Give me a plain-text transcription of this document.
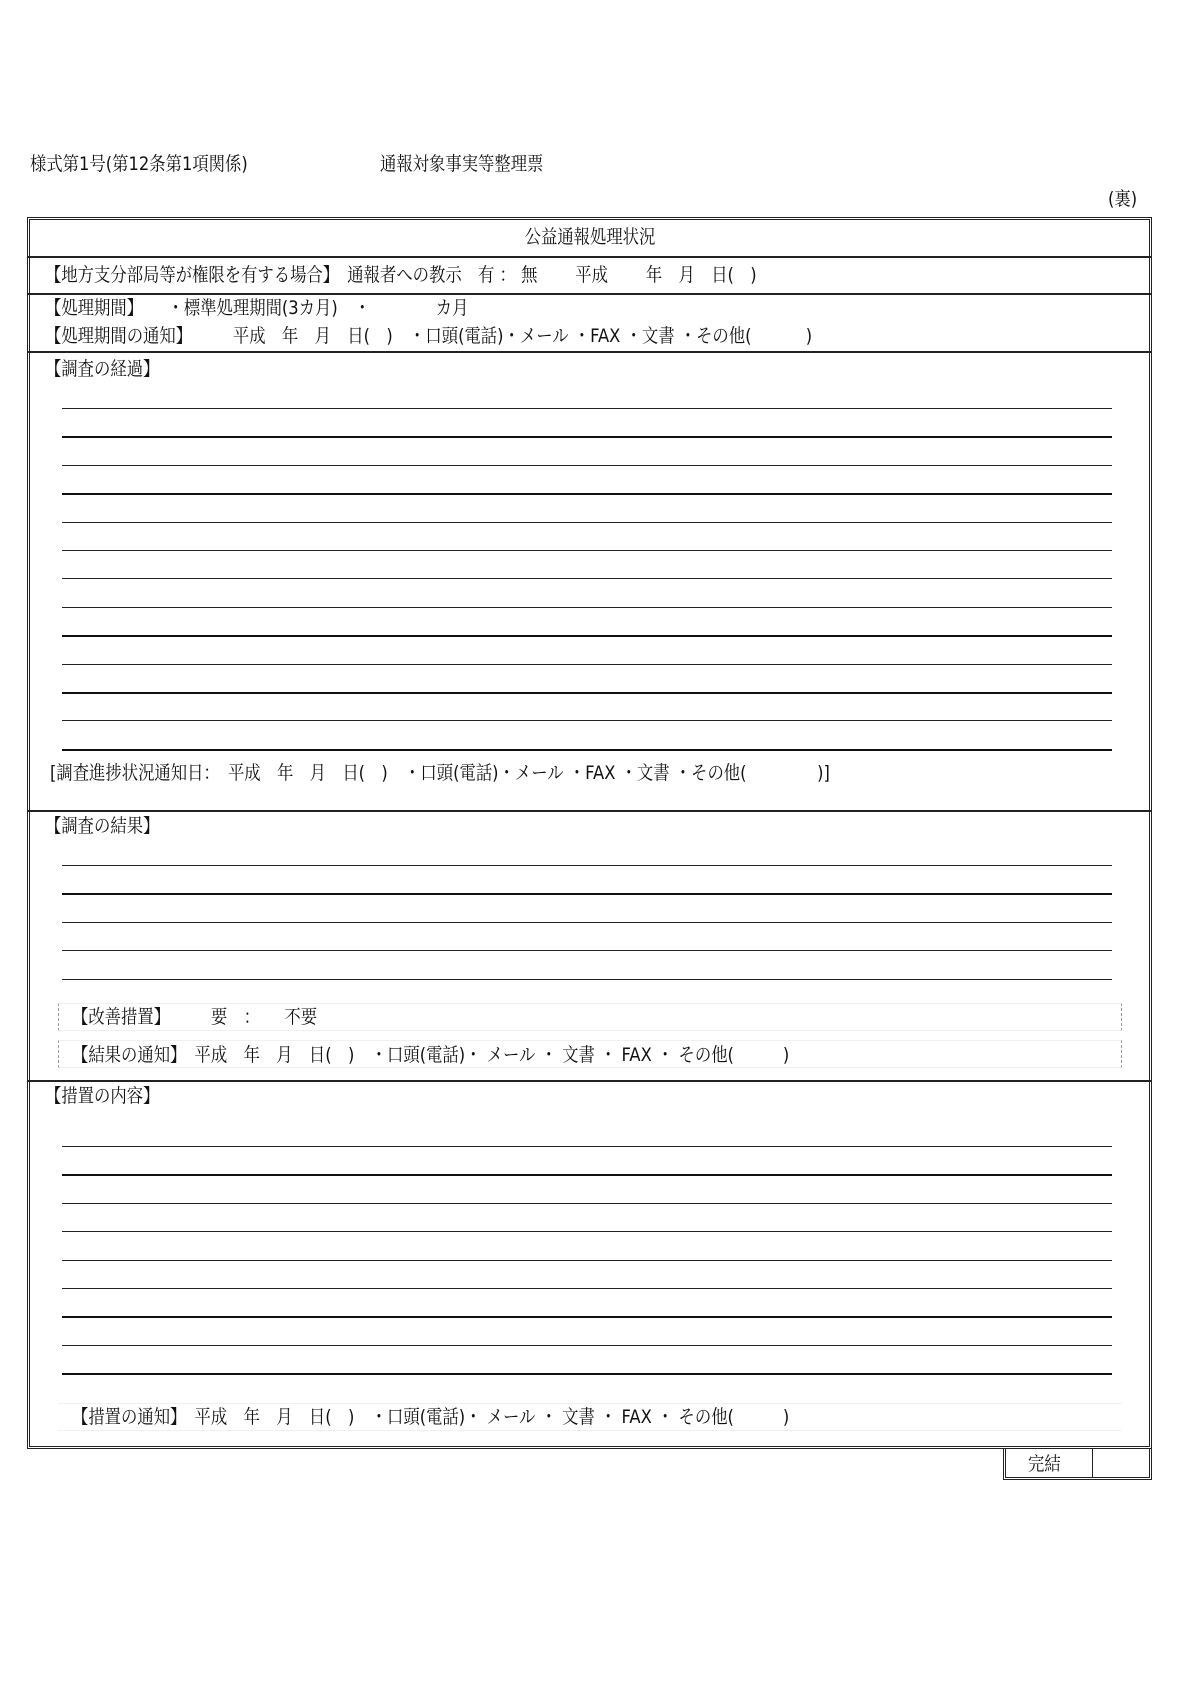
様式第1号(第12条第1項関係)	通報対象事実等整理票
(裏)
公益通報処理状況
【地方支分部局等が権限を有する場合】　通報者への教示　有 ： 無　　 平成　　 年　月　日(　)
【処理期間】　　・標準処理期間(3カ月)　・　　　　カ月
【処理期間の通知】　　　平成　年　月　日(　)　・口頭(電話)・メール ・FAX ・文書 ・その他(　　　 )
【調査の経過】
[調査進捗状況通知日：　平成　年　月　日(　)　・口頭(電話)・メール ・FAX ・文書 ・その他(　　　　 )]
【調査の結果】
【改善措置】　　　要　：　　不要
【結果の通知】　平成　年　月　日(　)　・口頭(電話)・ メール ・ 文書 ・ FAX ・ その他(　　　)
【措置の内容】
【措置の通知】　平成　年　月　日(　)　・口頭(電話)・ メール ・ 文書 ・ FAX ・ その他(　　　)
完結
